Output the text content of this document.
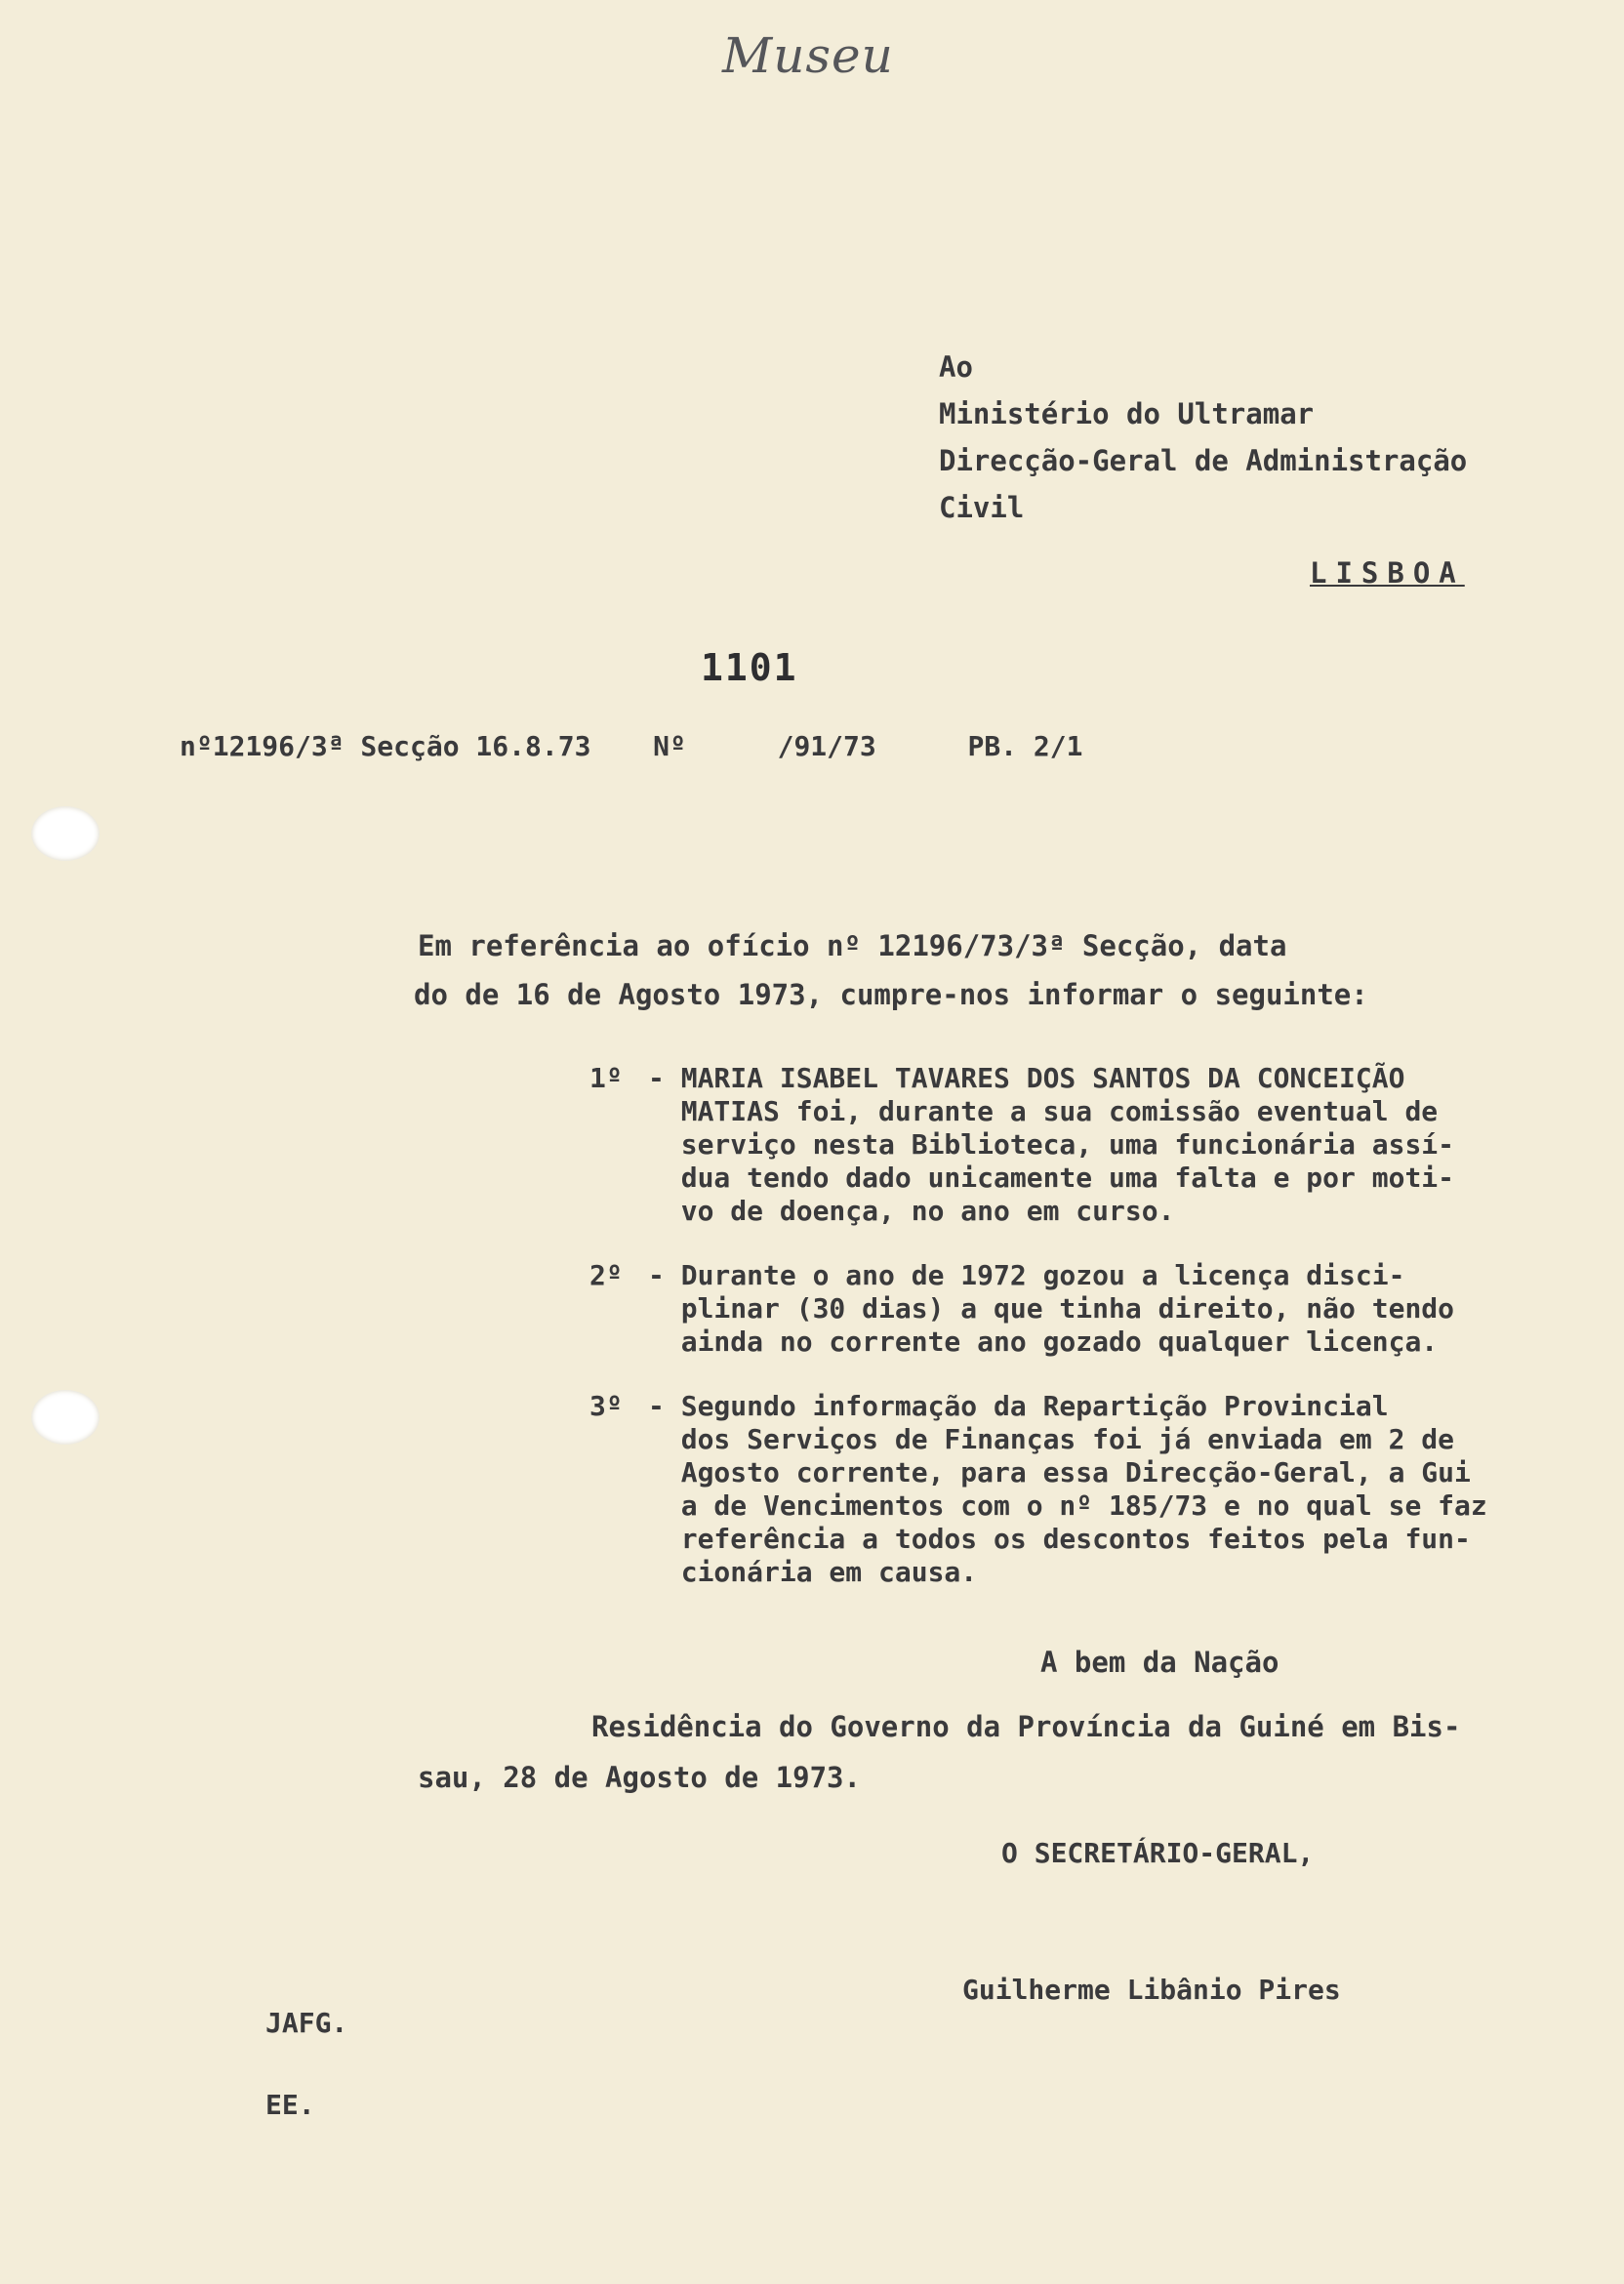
Museu
Ao
Ministério do Ultramar
Direcção-Geral de Administração
Civil
LISBOA
1101
nº12196/3ª Secção 16.8.73 Nº	/91/73	PB. 2/1
Em referência ao ofício nº 12196/73/3ª Secção, data
do de 16 de Agosto 1973, cumpre-nos informar o seguinte:
1º - MARIA ISABEL TAVARES DOS SANTOS DA CONCEIÇÃO
MATIAS foi, durante a sua comissão eventual de
serviço nesta Biblioteca, uma funcionária assí-
dua tendo dado unicamente uma falta e por moti-
vo de doença, no ano em curso.
2º - Durante o ano de 1972 gozou a licença disci-
plinar (30 dias) a que tinha direito, não tendo
ainda no corrente ano gozado qualquer licença.
3º - Segundo informação da Repartição Provincial
dos Serviços de Finanças foi já enviada em 2 de
Agosto corrente, para essa Direcção-Geral, a Gui
a de Vencimentos com o nº 185/73 e no qual se faz
referência a todos os descontos feitos pela fun-
cionária em causa.
A bem da Nação
Residência do Governo da Província da Guiné em Bis-
sau, 28 de Agosto de 1973.
O SECRETÁRIO-GERAL,
Guilherme Libânio Pires
JAFG.
EE.
